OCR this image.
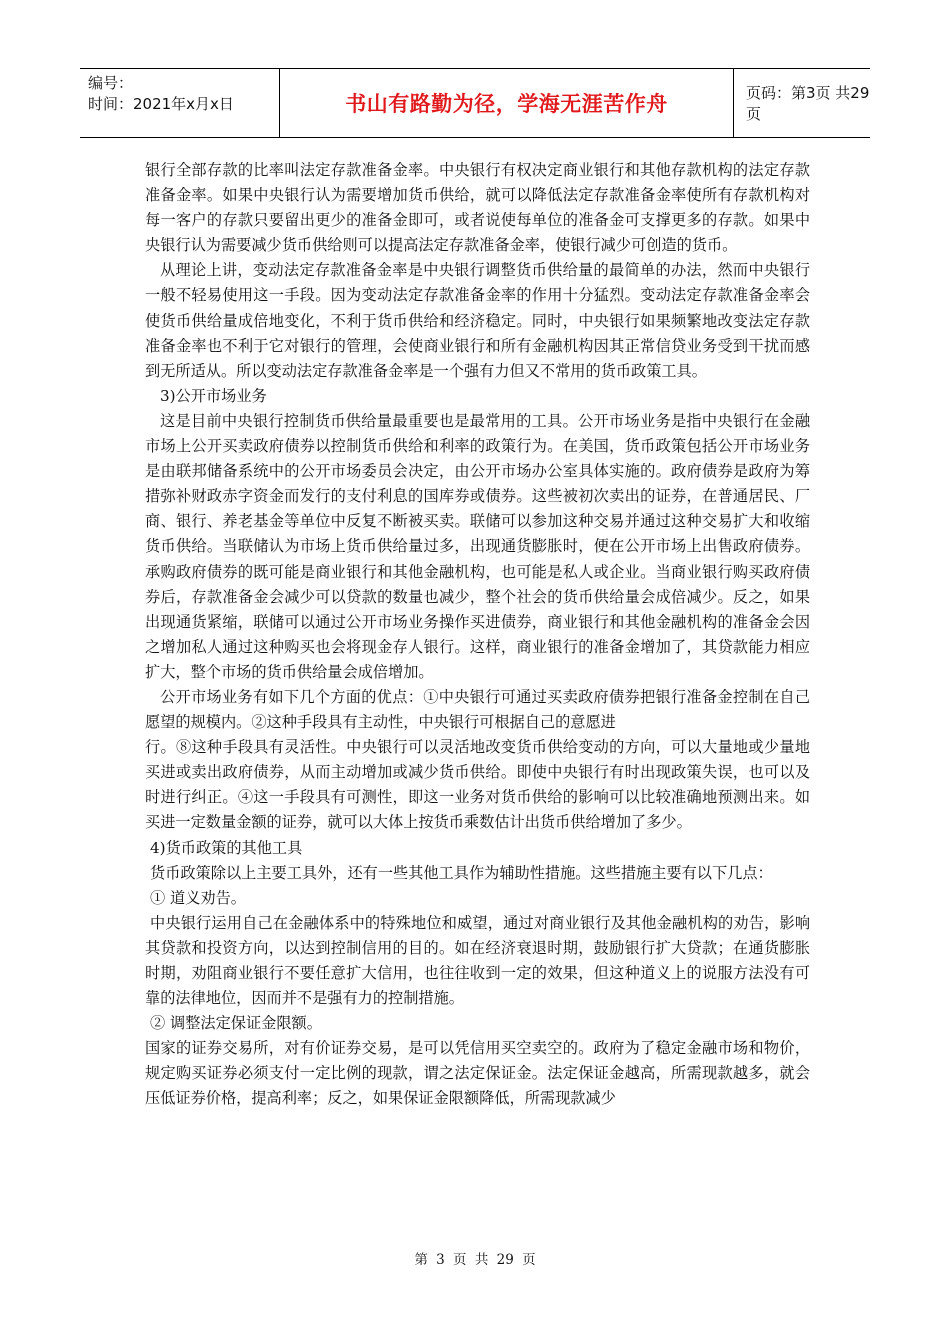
编号：
时间：2021年x月x日	书山有路勤为径，学海无涯苦作舟	页码：第3页 共29页

银行全部存款的比率叫法定存款准备金率。中央银行有权决定商业银行和其他存款机构的法定存款准备金率。如果中央银行认为需要增加货币供给，就可以降低法定存款准备金率使所有存款机构对每一客户的存款只要留出更少的准备金即可，或者说使每单位的准备金可支撑更多的存款。如果中央银行认为需要减少货币供给则可以提高法定存款准备金率，使银行减少可创造的货币。

从理论上讲，变动法定存款准备金率是中央银行调整货币供给量的最简单的办法，然而中央银行一般不轻易使用这一手段。因为变动法定存款准备金率的作用十分猛烈。变动法定存款准备金率会使货币供给量成倍地变化，不利于货币供给和经济稳定。同时，中央银行如果频繁地改变法定存款准备金率也不利于它对银行的管理，会使商业银行和所有金融机构因其正常信贷业务受到干扰而感到无所适从。所以变动法定存款准备金率是一个强有力但又不常用的货币政策工具。

3)公开市场业务

这是目前中央银行控制货币供给量最重要也是最常用的工具。公开市场业务是指中央银行在金融市场上公开买卖政府债券以控制货币供给和利率的政策行为。在美国，货币政策包括公开市场业务是由联邦储备系统中的公开市场委员会决定，由公开市场办公室具体实施的。政府债券是政府为筹措弥补财政赤字资金而发行的支付利息的国库券或债券。这些被初次卖出的证券，在普通居民、厂商、银行、养老基金等单位中反复不断被买卖。联储可以参加这种交易并通过这种交易扩大和收缩货币供给。当联储认为市场上货币供给量过多，出现通货膨胀时，便在公开市场上出售政府债券。承购政府债券的既可能是商业银行和其他金融机构，也可能是私人或企业。当商业银行购买政府债券后，存款准备金会减少可以贷款的数量也减少，整个社会的货币供给量会成倍减少。反之，如果出现通货紧缩，联储可以通过公开市场业务操作买进债券，商业银行和其他金融机构的准备金会因之增加私人通过这种购买也会将现金存人银行。这样，商业银行的准备金增加了，其贷款能力相应扩大，整个市场的货币供给量会成倍增加。

公开市场业务有如下几个方面的优点：①中央银行可通过买卖政府债券把银行准备金控制在自己愿望的规模内。②这种手段具有主动性，中央银行可根据自己的意愿进

行。⑧这种手段具有灵活性。中央银行可以灵活地改变货币供给变动的方向，可以大量地或少量地买进或卖出政府债券，从而主动增加或减少货币供给。即使中央银行有时出现政策失误，也可以及时进行纠正。④这一手段具有可测性，即这一业务对货币供给的影响可以比较准确地预测出来。如买进一定数量金额的证券，就可以大体上按货币乘数估计出货币供给增加了多少。

4)货币政策的其他工具

货币政策除以上主要工具外，还有一些其他工具作为辅助性措施。这些措施主要有以下几点：

① 道义劝告。

中央银行运用自己在金融体系中的特殊地位和威望，通过对商业银行及其他金融机构的劝告，影响其贷款和投资方向，以达到控制信用的目的。如在经济衰退时期，鼓励银行扩大贷款；在通货膨胀时期，劝阻商业银行不要任意扩大信用，也往往收到一定的效果，但这种道义上的说服方法没有可靠的法律地位，因而并不是强有力的控制措施。

② 调整法定保证金限额。

国家的证券交易所，对有价证券交易，是可以凭信用买空卖空的。政府为了稳定金融市场和物价，规定购买证券必须支付一定比例的现款，谓之法定保证金。法定保证金越高，所需现款越多，就会压低证券价格，提高利率；反之，如果保证金限额降低，所需现款减少

第 3 页 共 29 页
